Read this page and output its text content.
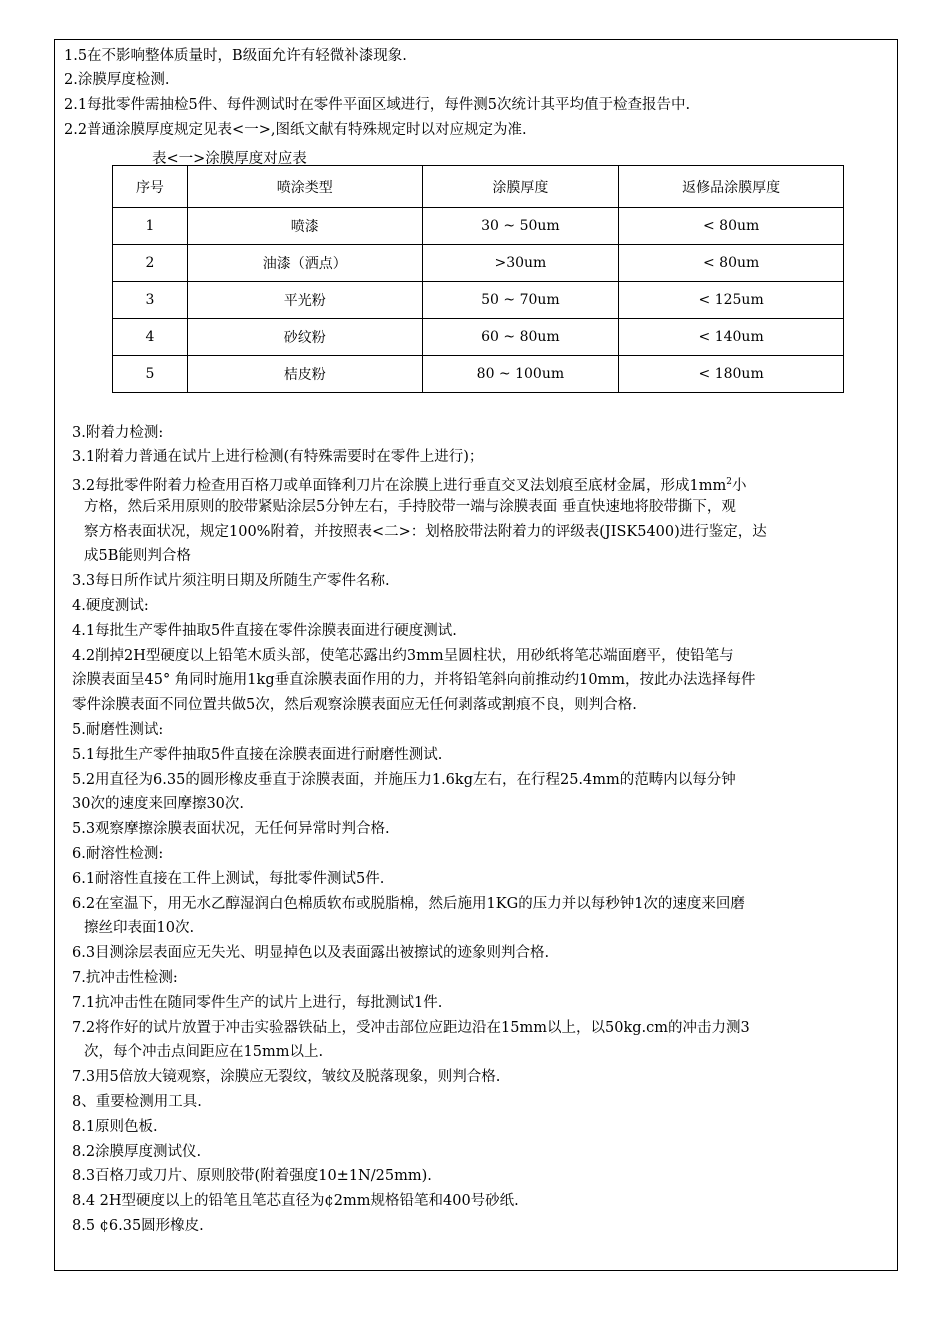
1.5在不影响整体质量时，B级面允许有轻微补漆现象.
2.涂膜厚度检测.
2.1每批零件需抽检5件、每件测试时在零件平面区域进行，每件测5次统计其平均值于检查报告中.
2.2普通涂膜厚度规定见表<一>,图纸文献有特殊规定时以对应规定为准.
表<一>涂膜厚度对应表
序号	喷涂类型	涂膜厚度	返修品涂膜厚度
1	喷漆	30 ~ 50um	< 80um
2	油漆（洒点）	>30um	< 80um
3	平光粉	50 ~ 70um	< 125um
4	砂纹粉	60 ~ 80um	< 140um
5	桔皮粉	80 ~ 100um	< 180um
3.附着力检测:
3.1附着力普通在试片上进行检测(有特殊需要时在零件上进行)；
3.2每批零件附着力检查用百格刀或单面锋利刀片在涂膜上进行垂直交叉法划痕至底材金属，形成$1mm^2$小
方格，然后采用原则的胶带紧贴涂层5分钟左右，手持胶带一端与涂膜表面 垂直快速地将胶带撕下，观
察方格表面状况，规定100%附着，并按照表<二>：划格胶带法附着力的评级表(JISK5400)进行鉴定，达
成5B能则判合格
3.3每日所作试片须注明日期及所随生产零件名称.
4.硬度测试:
4.1每批生产零件抽取5件直接在零件涂膜表面进行硬度测试.
4.2削掉2H型硬度以上铅笔木质头部，使笔芯露出约3mm呈圆柱状，用砂纸将笔芯端面磨平，使铅笔与
涂膜表面呈45° 角同时施用1kg垂直涂膜表面作用的力，并将铅笔斜向前推动约10mm，按此办法选择每件
零件涂膜表面不同位置共做5次，然后观察涂膜表面应无任何剥落或割痕不良，则判合格.
5.耐磨性测试:
5.1每批生产零件抽取5件直接在涂膜表面进行耐磨性测试.
5.2用直径为6.35的圆形橡皮垂直于涂膜表面，并施压力1.6kg左右，在行程25.4mm的范畴内以每分钟
30次的速度来回摩擦30次.
5.3观察摩擦涂膜表面状况，无任何异常时判合格.
6.耐溶性检测:
6.1耐溶性直接在工件上测试，每批零件测试5件.
6.2在室温下，用无水乙醇湿润白色棉质软布或脱脂棉，然后施用1KG的压力并以每秒钟1次的速度来回磨
擦丝印表面10次.
6.3目测涂层表面应无失光、明显掉色以及表面露出被擦试的迹象则判合格.
7.抗冲击性检测:
7.1抗冲击性在随同零件生产的试片上进行，每批测试1件.
7.2将作好的试片放置于冲击实验器铁砧上，受冲击部位应距边沿在15mm以上，以50kg.cm的冲击力测3
次，每个冲击点间距应在15mm以上.
7.3用5倍放大镜观察，涂膜应无裂纹，皱纹及脱落现象，则判合格.
8、重要检测用工具.
8.1原则色板.
8.2涂膜厚度测试仪.
8.3百格刀或刀片、原则胶带(附着强度10±1N/25mm).
8.4 2H型硬度以上的铅笔且笔芯直径为¢2mm规格铅笔和400号砂纸.
8.5 ¢6.35圆形橡皮.
